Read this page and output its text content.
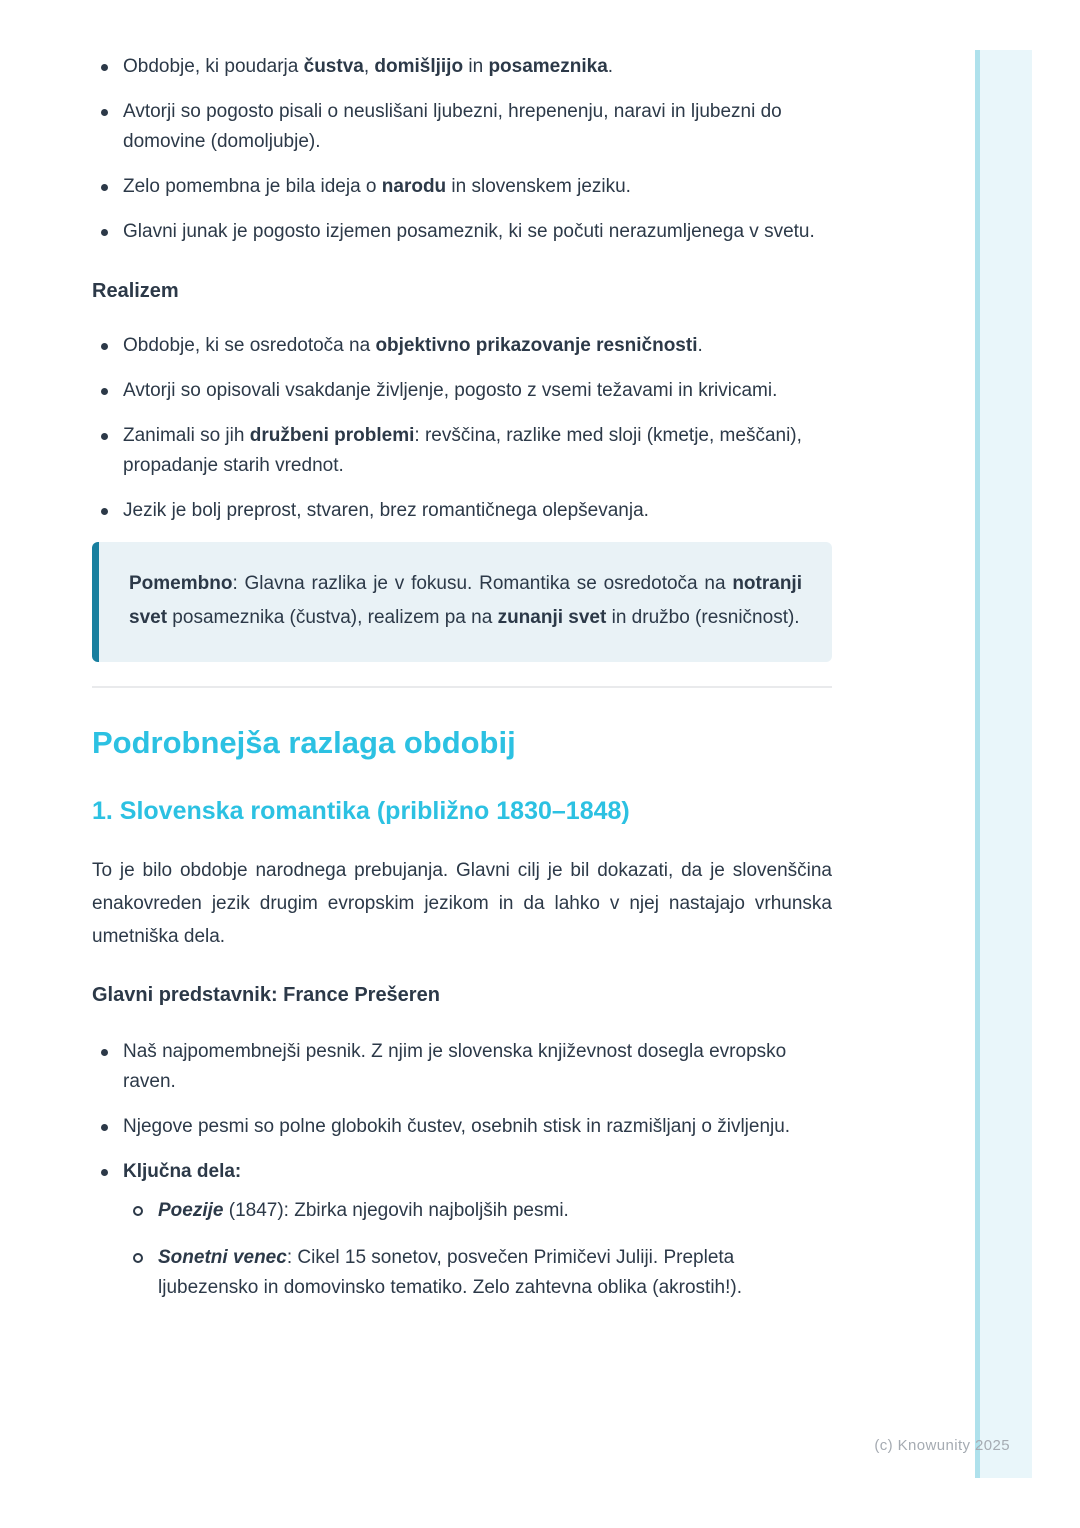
(c) Knowunity 2025
Obdobje, ki poudarja čustva, domišljijo in posameznika.
Avtorji so pogosto pisali o neuslišani ljubezni, hrepenenju, naravi in ljubezni do domovine (domoljubje).
Zelo pomembna je bila ideja o narodu in slovenskem jeziku.
Glavni junak je pogosto izjemen posameznik, ki se počuti nerazumljenega v svetu.
Realizem
Obdobje, ki se osredotoča na objektivno prikazovanje resničnosti.
Avtorji so opisovali vsakdanje življenje, pogosto z vsemi težavami in krivicami.
Zanimali so jih družbeni problemi: revščina, razlike med sloji (kmetje, meščani), propadanje starih vrednot.
Jezik je bolj preprost, stvaren, brez romantičnega olepševanja.
Pomembno: Glavna razlika je v fokusu. Romantika se osredotoča na notranji svet posameznika (čustva), realizem pa na zunanji svet in družbo (resničnost).
Podrobnejša razlaga obdobij
1. Slovenska romantika (približno 1830–1848)

To je bilo obdobje narodnega prebujanja. Glavni cilj je bil dokazati, da je slovenščina enakovreden jezik drugim evropskim jezikom in da lahko v njej nastajajo vrhunska umetniška dela.

Glavni predstavnik: France Prešeren
Naš najpomembnejši pesnik. Z njim je slovenska književnost dosegla evropsko raven.
Njegove pesmi so polne globokih čustev, osebnih stisk in razmišljanj o življenju.
Ključna dela:
Poezije (1847): Zbirka njegovih najboljših pesmi.
Sonetni venec: Cikel 15 sonetov, posvečen Primičevi Juliji. Prepleta ljubezensko in domovinsko tematiko. Zelo zahtevna oblika (akrostih!).
